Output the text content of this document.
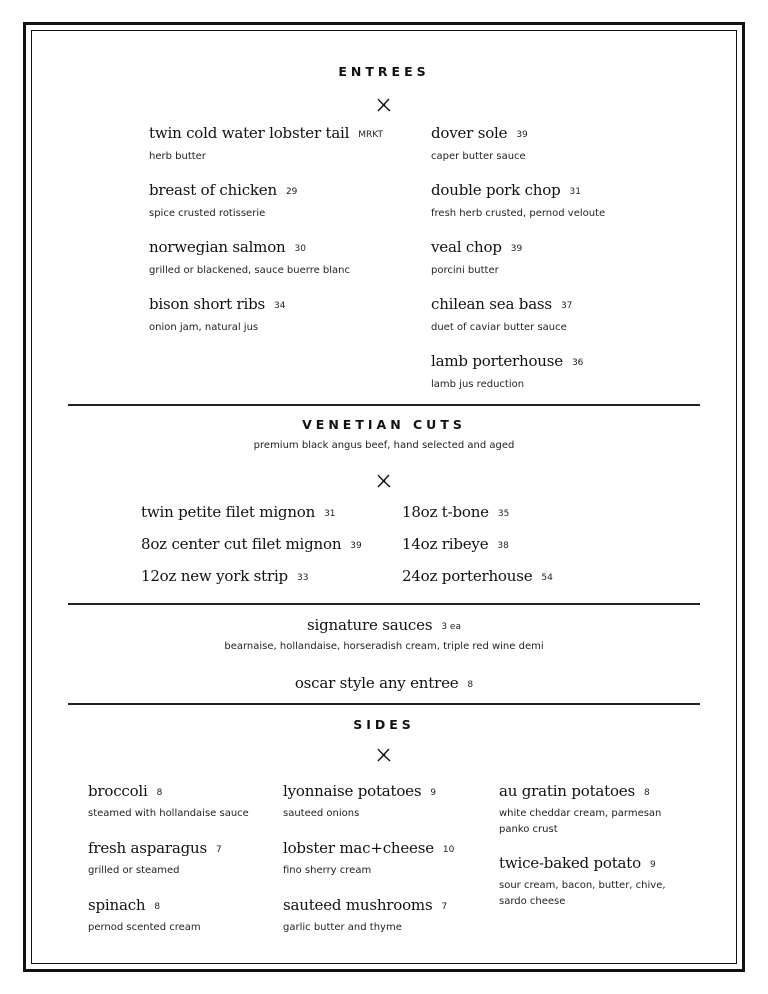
ENTREES
twin cold water lobster tail MRKT
herb butter
breast of chicken 29
spice crusted rotisserie
norwegian salmon 30
grilled or blackened, sauce buerre blanc
bison short ribs 34
onion jam, natural jus
dover sole 39
caper butter sauce
double pork chop 31
fresh herb crusted, pernod veloute
veal chop 39
porcini butter
chilean sea bass 37
duet of caviar butter sauce
lamb porterhouse 36
lamb jus reduction
VENETIAN CUTS
premium black angus beef, hand selected and aged
twin petite filet mignon 31
8oz center cut filet mignon 39
12oz new york strip 33
18oz t-bone 35
14oz ribeye 38
24oz porterhouse 54
signature sauces 3 ea
bearnaise, hollandaise, horseradish cream, triple red wine demi
oscar style any entree 8
SIDES
broccoli 8
steamed with hollandaise sauce
fresh asparagus 7
grilled or steamed
spinach 8
pernod scented cream
lyonnaise potatoes 9
sauteed onions
lobster mac+cheese 10
fino sherry cream
sauteed mushrooms 7
garlic butter and thyme
au gratin potatoes 8
white cheddar cream, parmesan
panko crust
twice-baked potato 9
sour cream, bacon, butter, chive,
sardo cheese
